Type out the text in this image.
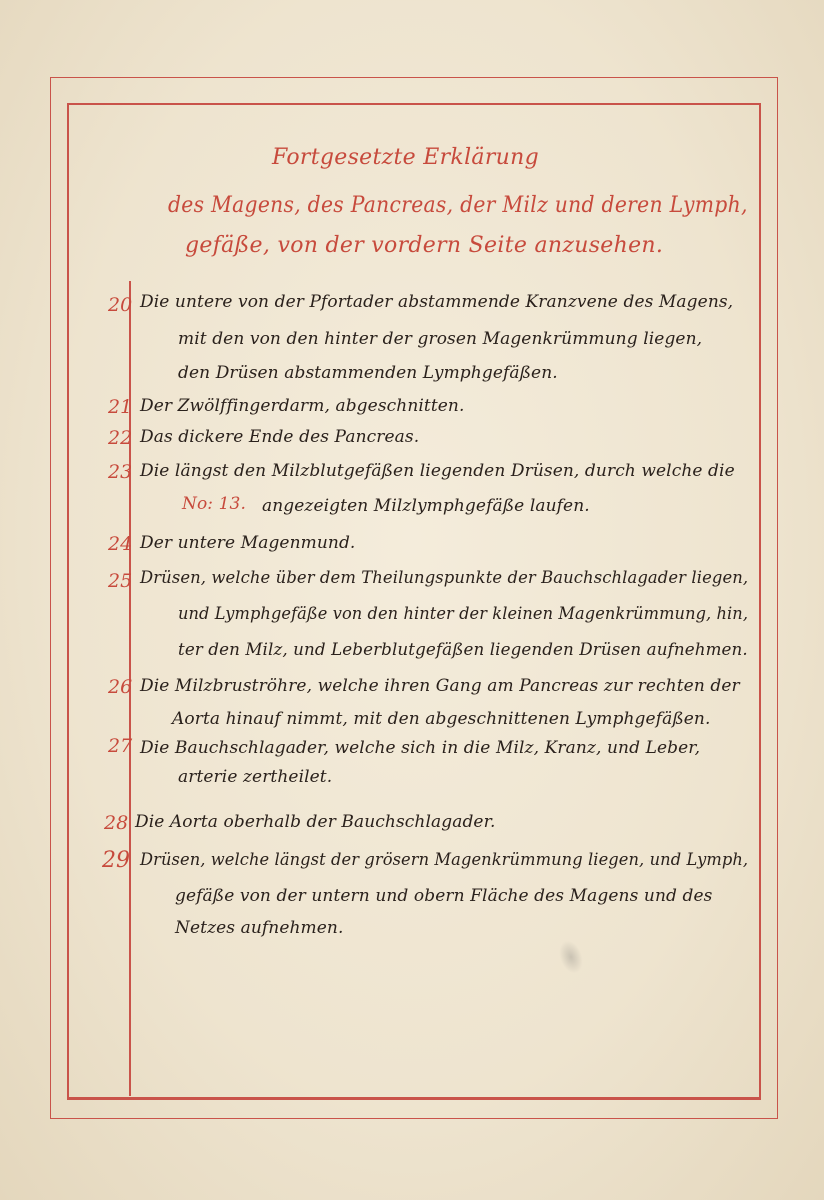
Fortgesetzte Erklärung
des Magens, des Pancreas, der Milz und deren Lymph,
gefäße, von der vordern Seite anzusehen.
20 Die untere von der Pfortader abstammende Kranzvene des Magens,
mit den von den hinter der grosen Magenkrümmung liegen,
den Drüsen abstammenden Lymphgefäßen.
21 Der Zwölffingerdarm, abgeschnitten.
22 Das dickere Ende des Pancreas.
23 Die längst den Milzblutgefäßen liegenden Drüsen, durch welche die
No: 13. angezeigten Milzlymphgefäße laufen.
24 Der untere Magenmund.
25 Drüsen, welche über dem Theilungspunkte der Bauchschlagader liegen,
und Lymphgefäße von den hinter der kleinen Magenkrümmung, hin,
ter den Milz, und Leberblutgefäßen liegenden Drüsen aufnehmen.
26 Die Milzbruströhre, welche ihren Gang am Pancreas zur rechten der
Aorta hinauf nimmt, mit den abgeschnittenen Lymphgefäßen.
27 Die Bauchschlagader, welche sich in die Milz, Kranz, und Leber,
arterie zertheilet.
28 Die Aorta oberhalb der Bauchschlagader.
29 Drüsen, welche längst der grösern Magenkrümmung liegen, und Lymph,
gefäße von der untern und obern Fläche des Magens und des
Netzes aufnehmen.
